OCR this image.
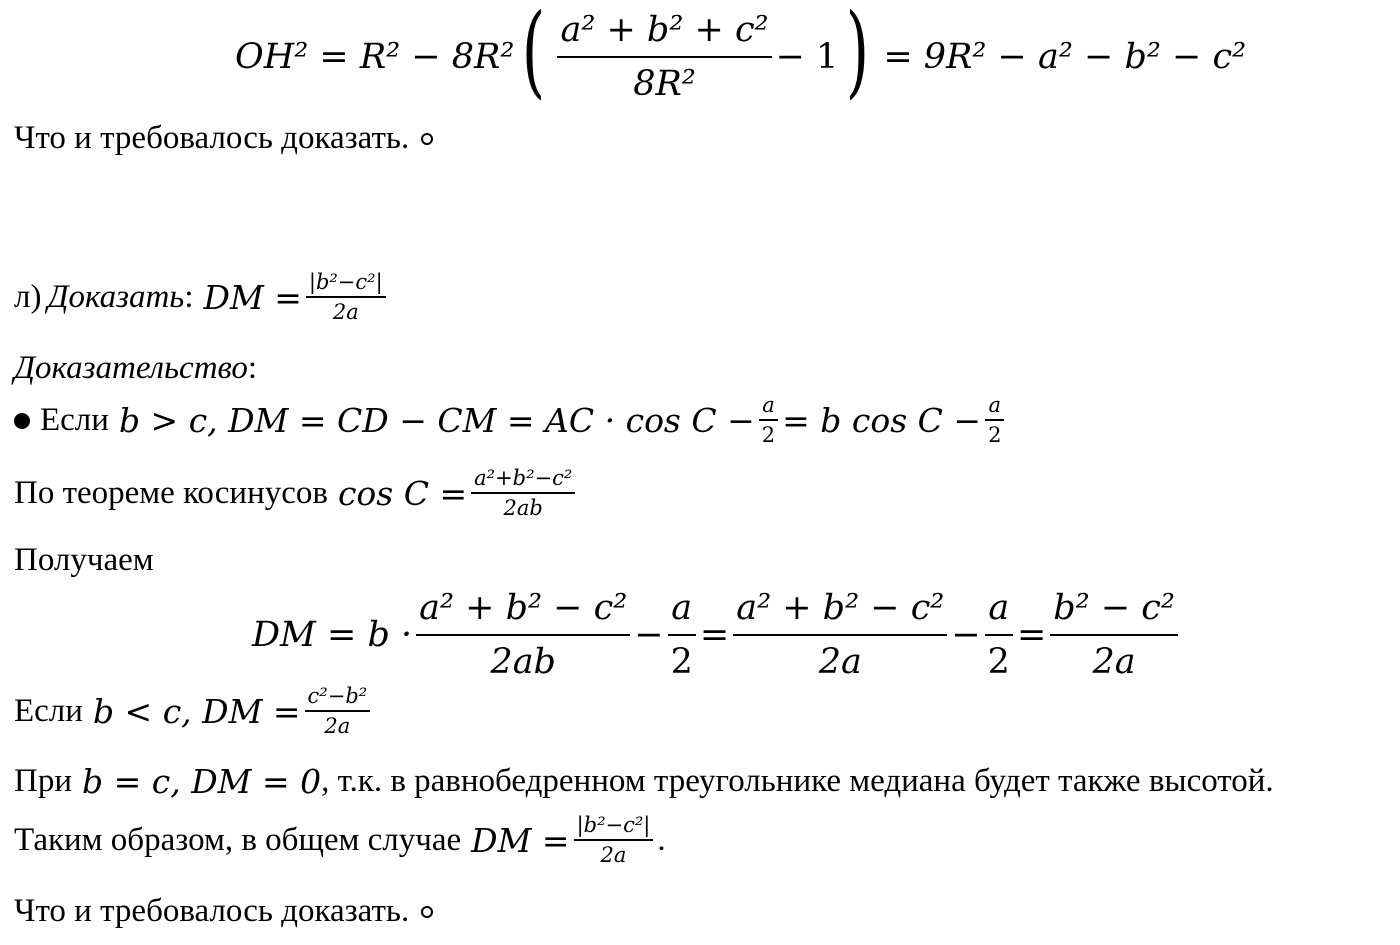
OH² = R² − 8R² ( $\frac{\text{a² + b² + c²}}{\text{8R²}} - 1$ ) = 9R² − a² − b² − c²
Что и требовалось доказать.
л) Доказать : DM = $\frac{\text{|b²−c²|}}{2a}$
Доказательство :
Если b > c, DM = CD − CM = AC · $\cos C - \frac{a}{2} = b$ $\cos C - \frac{a}{2}$
По теореме косинусов $\cos C = \frac{\text{a²+b²−c²}}{2ab}$
Получаем
DM = $b \cdot \frac{\text{a² + b² − c²}}{2ab} - \frac{a}{2} = \frac{\text{a² + b² − c²}}{2a} - \frac{a}{2} = \frac{\text{b² − c²}}{2a}$
Если b < c, DM = $\frac{\text{c²−b²}}{2a}$
При b = c, DM = 0 , т.к. в равнобедренном треугольнике медиана будет также высотой.
Таким образом, в общем случае DM = $\frac{\text{|b²−c²|}}{2a}$ .
Что и требовалось доказать.
